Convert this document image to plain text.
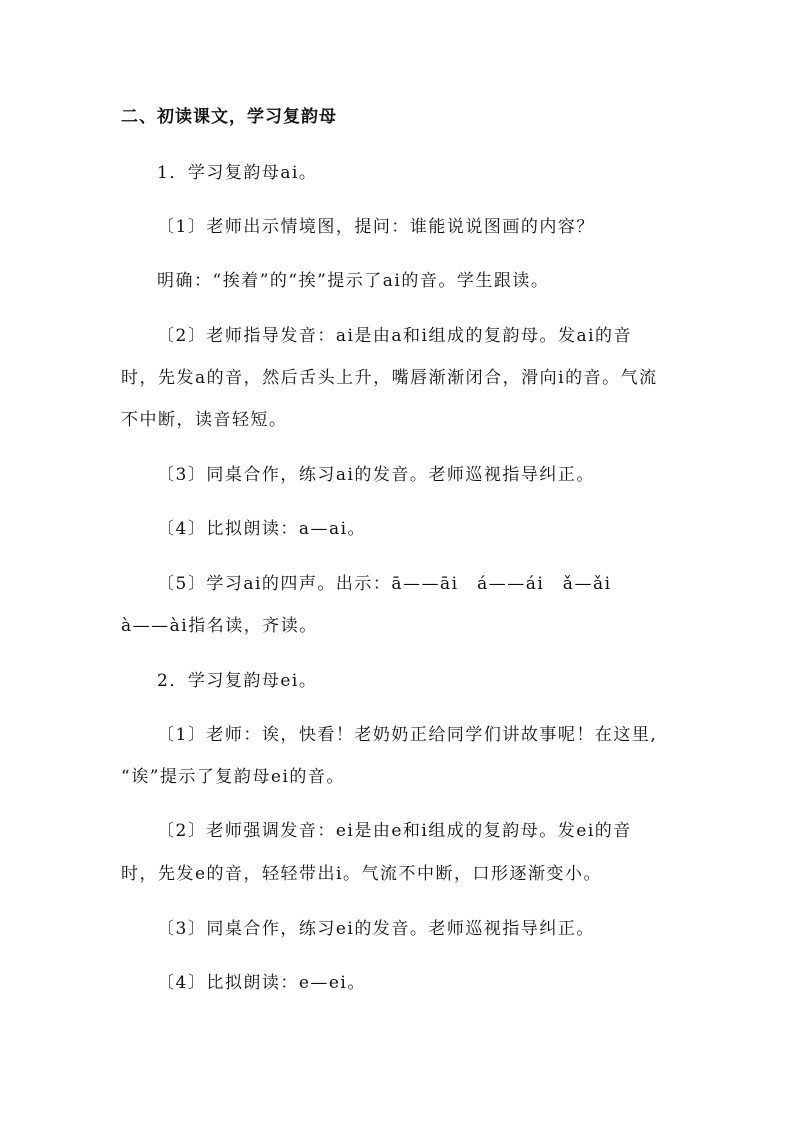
二、初读课文，学习复韵母
1．学习复韵母ai。
〔1〕老师出示情境图，提问：谁能说说图画的内容？
明确：“挨着”的“挨”提示了ai的音。学生跟读。
〔2〕老师指导发音：ai是由a和i组成的复韵母。发ai的音
时，先发a的音，然后舌头上升，嘴唇渐渐闭合，滑向i的音。气流
不中断，读音轻短。
〔3〕同桌合作，练习ai的发音。老师巡视指导纠正。
〔4〕比拟朗读：a—ai。
〔5〕学习ai的四声。出示：ā——āi　á——ái　ǎ—ǎi
à——ài指名读，齐读。
2．学习复韵母ei。
〔1〕老师：诶，快看！老奶奶正给同学们讲故事呢！在这里,
“诶”提示了复韵母ei的音。
〔2〕老师强调发音：ei是由e和i组成的复韵母。发ei的音
时，先发e的音，轻轻带出i。气流不中断，口形逐渐变小。
〔3〕同桌合作，练习ei的发音。老师巡视指导纠正。
〔4〕比拟朗读：e—ei。
